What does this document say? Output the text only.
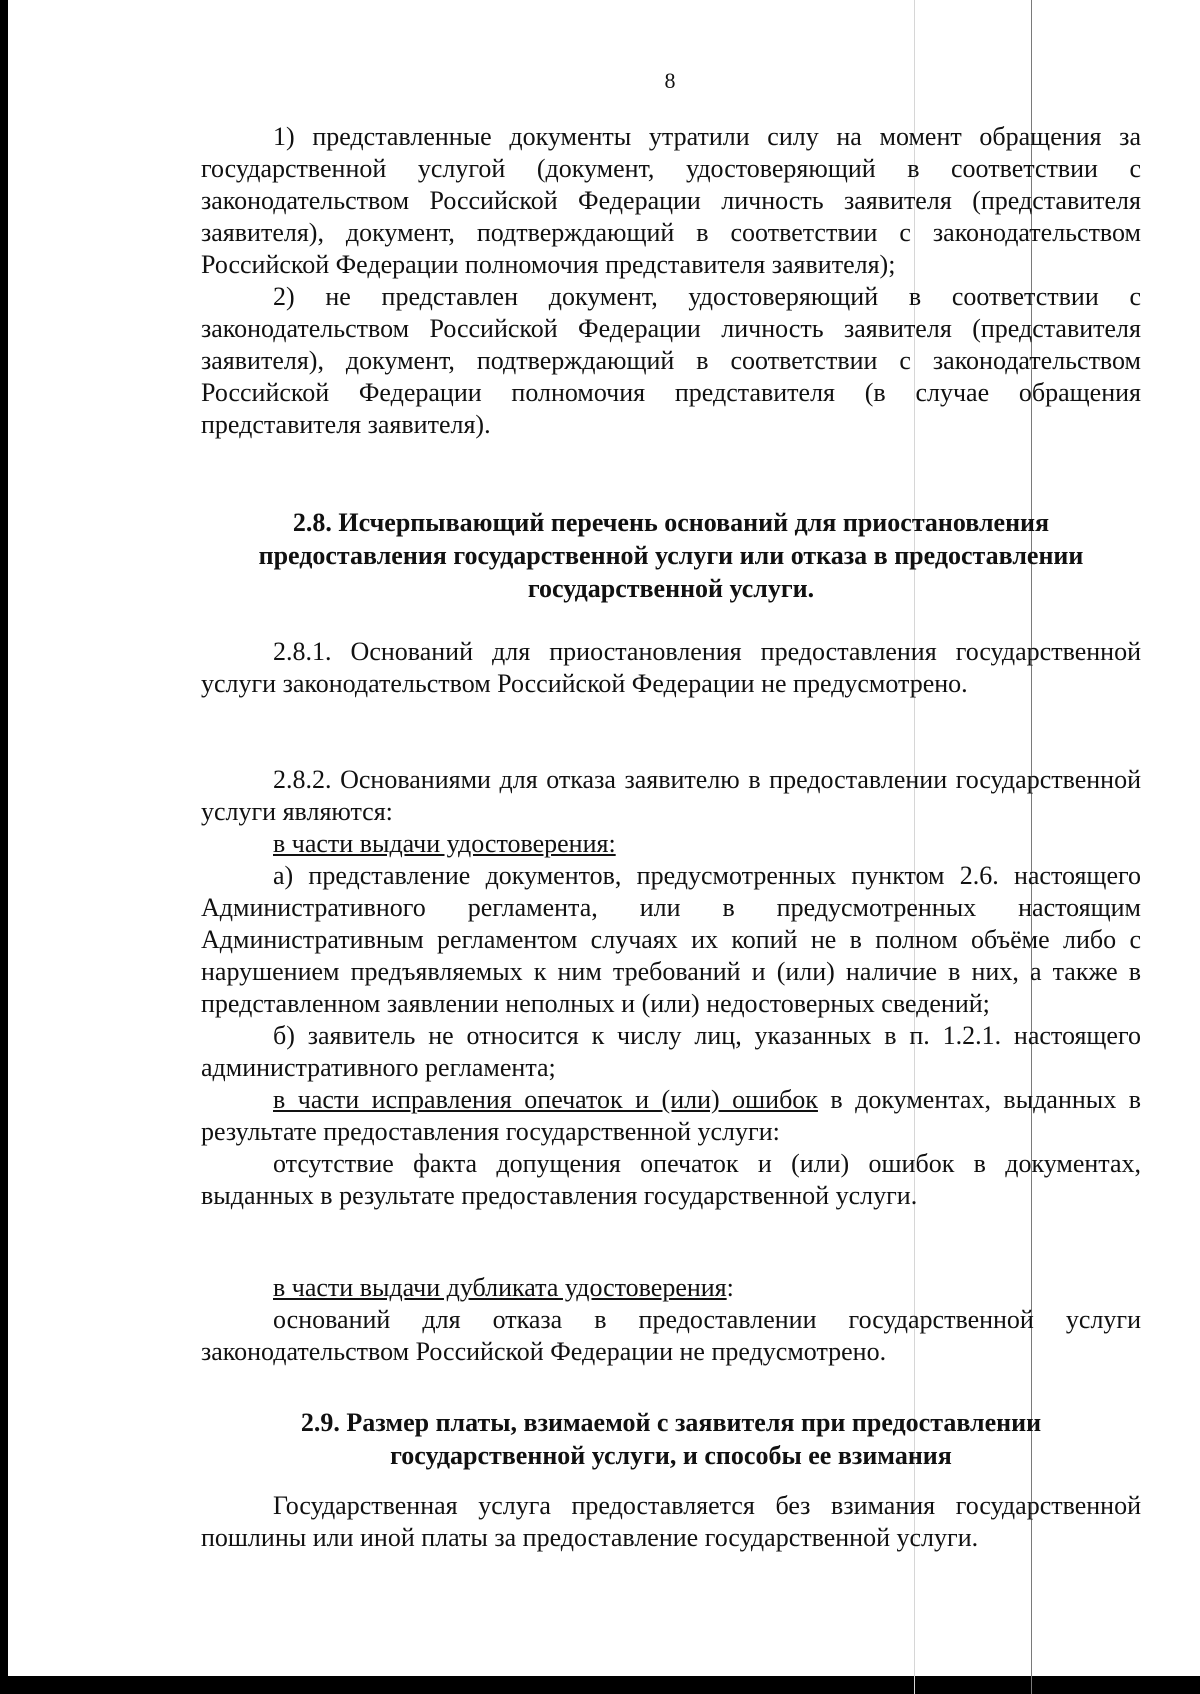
8
1) представленные документы утратили силу на момент обращения за государственной услугой (документ, удостоверяющий в соответствии с законодательством Российской Федерации личность заявителя (представителя заявителя), документ, подтверждающий в соответствии с законодательством Российской Федерации полномочия представителя заявителя);
2) не представлен документ, удостоверяющий в соответствии с законодательством Российской Федерации личность заявителя (представителя заявителя), документ, подтверждающий в соответствии с законодательством Российской Федерации полномочия представителя (в случае обращения представителя заявителя).
2.8. Исчерпывающий перечень оснований для приостановления предоставления государственной услуги или отказа в предоставлении государственной услуги.
2.8.1. Оснований для приостановления предоставления государственной услуги законодательством Российской Федерации не предусмотрено.
2.8.2. Основаниями для отказа заявителю в предоставлении государственной услуги являются:
в части выдачи удостоверения:
а) представление документов, предусмотренных пунктом 2.6. настоящего Административного регламента, или в предусмотренных настоящим Административным регламентом случаях их копий не в полном объёме либо с нарушением предъявляемых к ним требований и (или) наличие в них, а также в представленном заявлении неполных и (или) недостоверных сведений;
б) заявитель не относится к числу лиц, указанных в п. 1.2.1. настоящего административного регламента;
в части исправления опечаток и (или) ошибок в документах, выданных в результате предоставления государственной услуги:
отсутствие факта допущения опечаток и (или) ошибок в документах, выданных в результате предоставления государственной услуги.
в части выдачи дубликата удостоверения:
оснований для отказа в предоставлении государственной услуги законодательством Российской Федерации не предусмотрено.
2.9. Размер платы, взимаемой с заявителя при предоставлении государственной услуги, и способы ее взимания
Государственная услуга предоставляется без взимания государственной пошлины или иной платы за предоставление государственной услуги.
